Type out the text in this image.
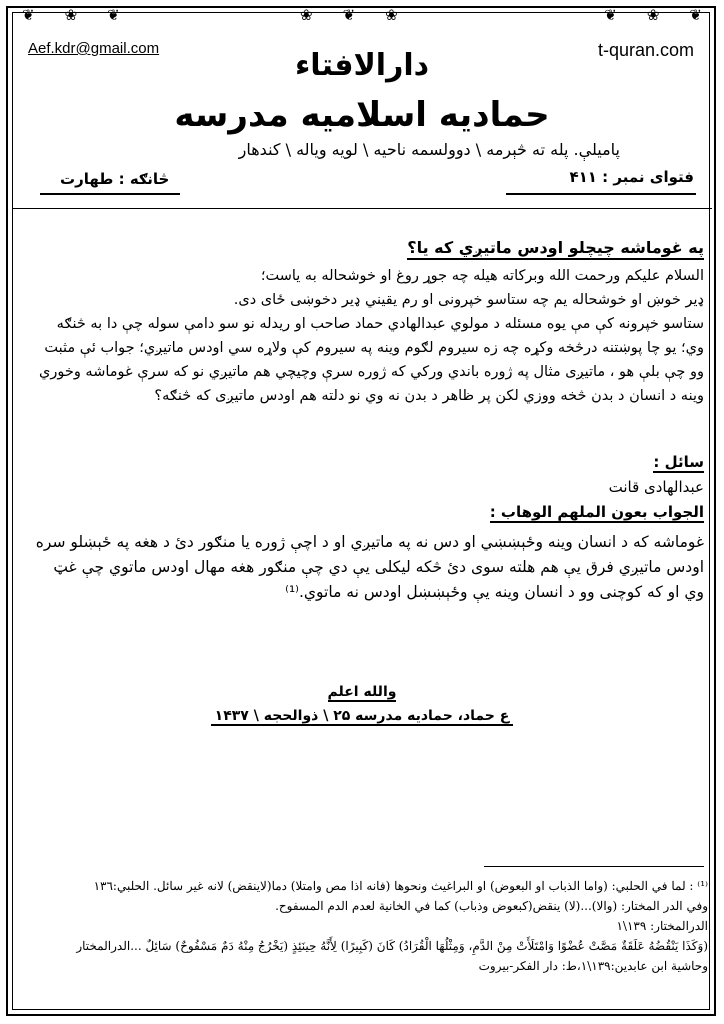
❦ ❀ ❦	❀ ❦ ❀	❦ ❀ ❦
Aef.kdr@gmail.com	t-quran.com
دارالافتاء
حمادیه اسلامیه مدرسه
پامیلې. پله ته څېرمه \ دوولسمه ناحیه \ لویه ویاله \ کندهار
فتوای نمبر : ۴۱۱
څانګه : طهارت
په غوماشه چیچلو اودس ماتيږي که یا؟
السلام علیکم ورحمت الله وبرکاته هیله چه جوړ روغ او خوشحاله به یاست؛
ډیر خوښ او خوشحاله یم چه ستاسو خپرونی او رم یقیني ډیر دخوښی ځای دی.
ستاسو خپرونه کې مې یوه مسئله د مولوي عبدالهادي حماد صاحب او ریدله نو سو دامې سوله چې دا به څنګه
وي؛ یو چا پوښتنه درڅخه وکړه چه زه سیروم لګوم وینه په سیروم کې ولاړه سي اودس ماتيږي؛ جواب ئې مثبت
وو چې بلې هو ، ماتیږی مثال په ژوره باندي ورکي که ژوره سرې وچیچي هم ماتيږي نو که سرې غوماشه وخوري
وینه د انسان د بدن څخه ووزي لکن پر ظاهر د بدن نه وي نو دلته هم اودس ماتيږی که څنګه؟
سائل :
عبدالهادی قانت
الجواب بعون الملهم الوهاب :
غوماشه که د انسان وینه وځېښښي او دس نه په ماتيږي او د اچې ژوره یا منګور دئ د هغه په ځېښلو سره
اودس ماتيږي فرق یې هم هلته سوی دئ څکه لیکلی یې دي چې منګور هغه مهال اودس ماتوي چې غټ
وي او که کوچنی وو د انسان وینه یې وځېښښل اودس نه ماتوي.⁽¹⁾
والله اعلم
ع حماد، حمادیه مدرسه ۲۵ \ ذوالحجه \ ۱۴۳۷
⁽¹⁾ : لما في الحلبي: (واما الذباب او البعوض) او البراغيث ونحوها (فانه اذا مص وامتلا) دما(لاينقض) لانه غير سائل. الحلبي:١٣٦
وفي الدر المختار: (والا)...(لا) ينقض(كبعوض وذباب) كما في الخانية لعدم الدم المسفوح.
الدرالمختار: ١٣٩\١
(وَكَذَا يَنْقُضُهُ عَلَقَةٌ مَصَّتْ عُضْوًا وَامْتَلَأَتْ مِنْ الدَّمِ، وَمِثْلُهَا الْقُرَادُ) كَانَ (كَبِيرًا) لِأَنَّهُ حِينَئِذٍ (يَخْرُجُ مِنْهُ دَمٌ مَسْفُوحٌ) سَائِلٌ ...الدرالمختار
وحاشية ابن عابدين:١٣٩\١،ط: دار الفكر-بيروت
